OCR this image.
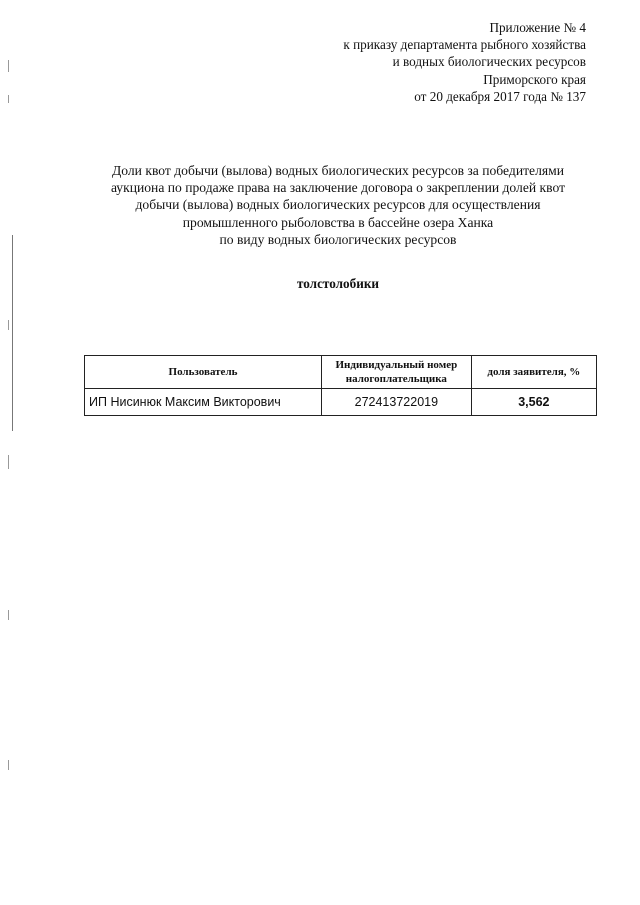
Приложение № 4
к приказу департамента рыбного хозяйства
и водных биологических ресурсов
Приморского края
от 20 декабря 2017 года № 137
Доли квот добычи (вылова) водных биологических ресурсов за победителями
аукциона по продаже права на заключение договора о закреплении долей квот
добычи (вылова) водных биологических ресурсов для осуществления
промышленного рыболовства в бассейне озера Ханка
по виду водных биологических ресурсов
толстолобики
Пользователь	Индивидуальный номер налогоплательщика	доля заявителя, %
ИП Нисинюк Максим Викторович	272413722019	3,562
